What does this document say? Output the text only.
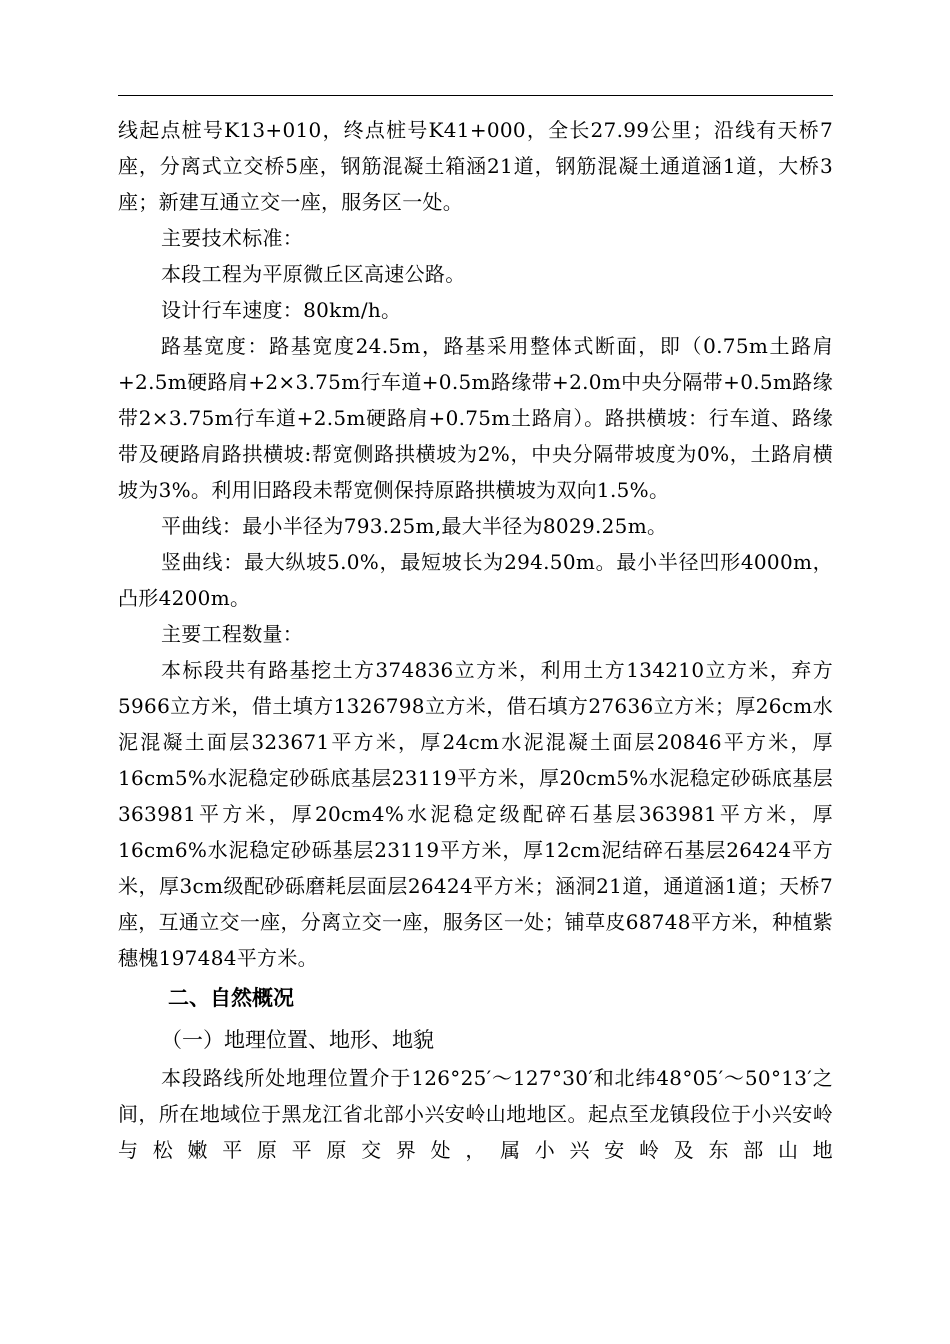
线起点桩号K13+010，终点桩号K41+000，全长27.99公里；沿线有天桥7座，分离式立交桥5座，钢筋混凝土箱涵21道，钢筋混凝土通道涵1道，大桥3座；新建互通立交一座，服务区一处。

主要技术标准：

本段工程为平原微丘区高速公路。

设计行车速度：80km/h。

路基宽度：路基宽度24.5m，路基采用整体式断面，即（0.75m土路肩+2.5m硬路肩+2×3.75m行车道+0.5m路缘带+2.0m中央分隔带+0.5m路缘带2×3.75m行车道+2.5m硬路肩+0.75m土路肩）。路拱横坡：行车道、路缘带及硬路肩路拱横坡:帮宽侧路拱横坡为2%，中央分隔带坡度为0%，土路肩横坡为3%。利用旧路段未帮宽侧保持原路拱横坡为双向1.5%。

平曲线：最小半径为793.25m,最大半径为8029.25m。

竖曲线：最大纵坡5.0%，最短坡长为294.50m。最小半径凹形4000m，凸形4200m。

主要工程数量：

本标段共有路基挖土方374836立方米，利用土方134210立方米，弃方5966立方米，借土填方1326798立方米，借石填方27636立方米；厚26cm水泥混凝土面层323671平方米，厚24cm水泥混凝土面层20846平方米，厚16cm5%水泥稳定砂砾底基层23119平方米，厚20cm5%水泥稳定砂砾底基层363981平方米，厚20cm4%水泥稳定级配碎石基层363981平方米，厚16cm6%水泥稳定砂砾基层23119平方米，厚12cm泥结碎石基层26424平方米，厚3cm级配砂砾磨耗层面层26424平方米；涵洞21道，通道涵1道；天桥7座，互通立交一座，分离立交一座，服务区一处；铺草皮68748平方米，种植紫穗槐197484平方米。

二、自然概况
（一）地理位置、地形、地貌

本段路线所处地理位置介于126°25′～127°30′和北纬48°05′～50°13′之间，所在地域位于黑龙江省北部小兴安岭山地地区。起点至龙镇段位于小兴安岭与松嫩平原平原交界处，属小兴安岭及东部山地
